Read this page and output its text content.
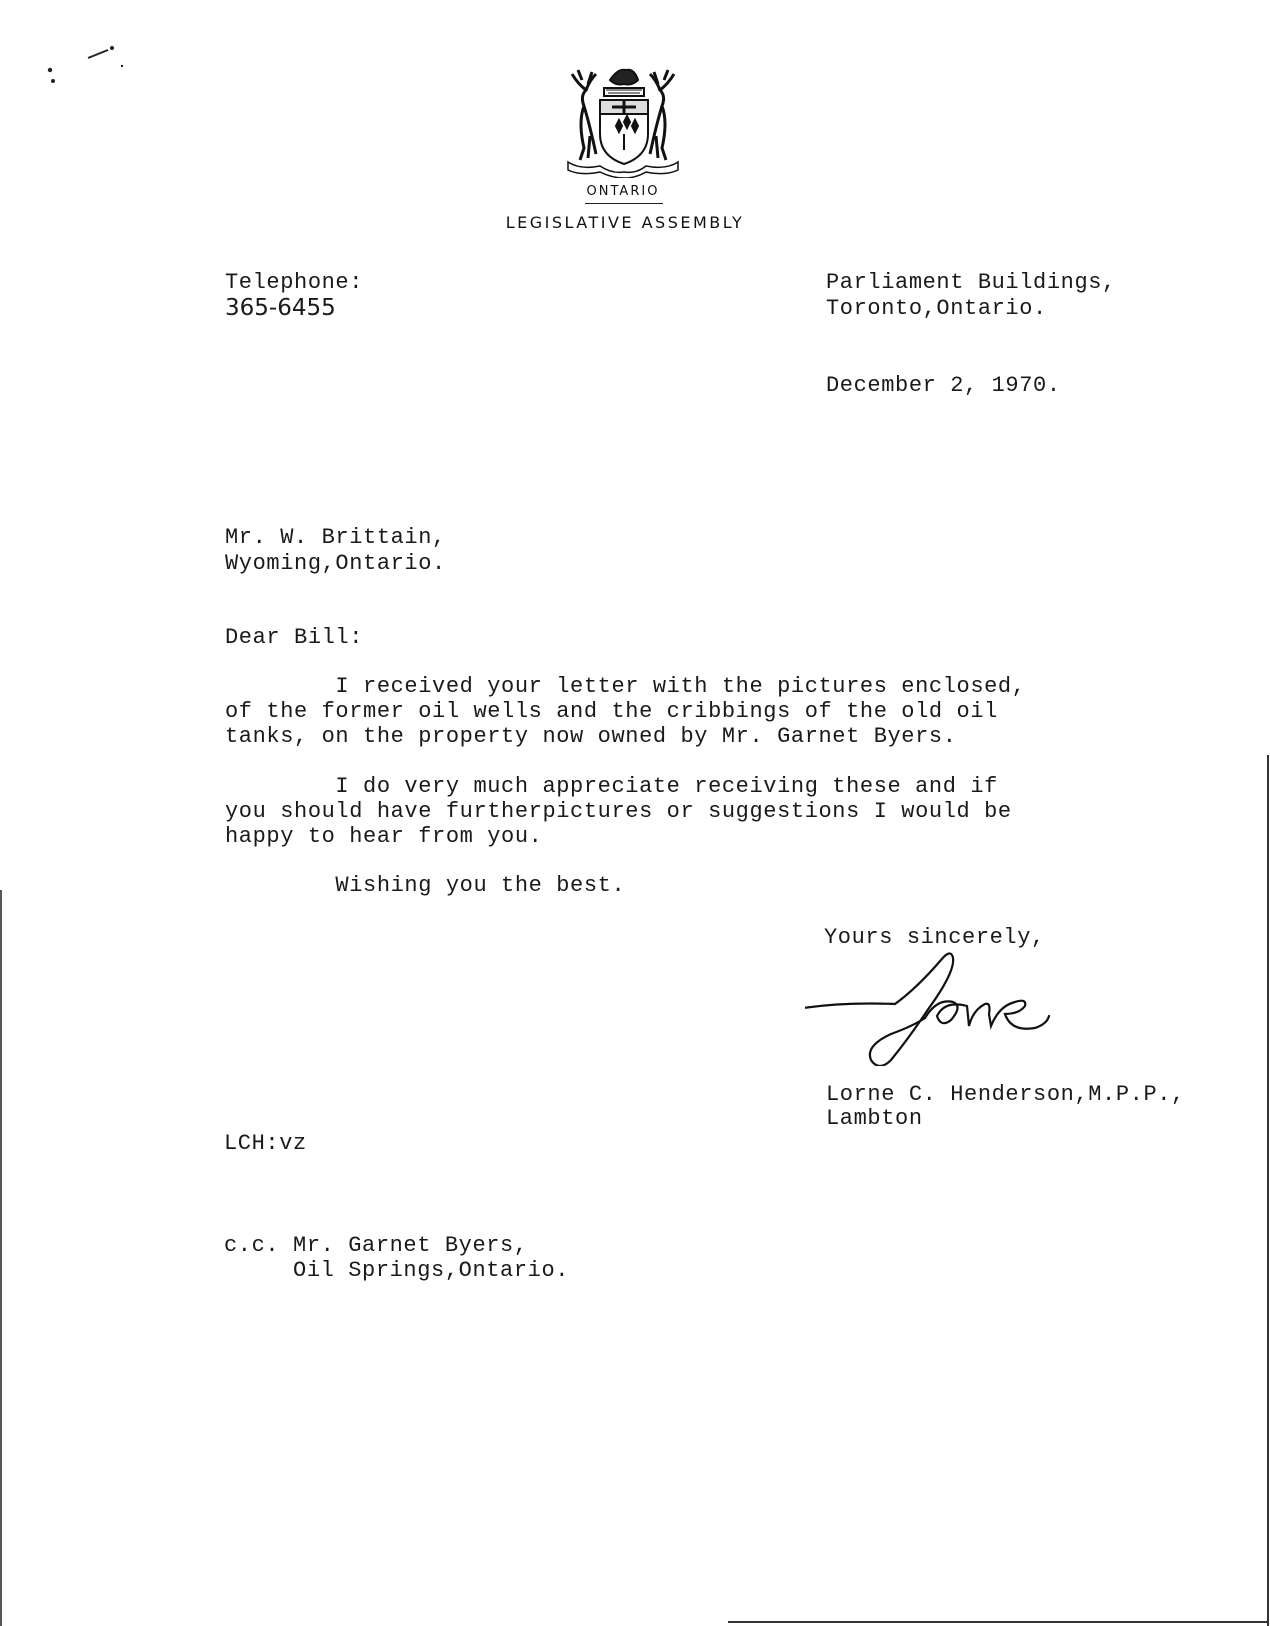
ONTARIO
LEGISLATIVE ASSEMBLY
Telephone:
365-6455
Parliament Buildings,
Toronto,Ontario.
December 2, 1970.
Mr. W. Brittain,
Wyoming,Ontario.
Dear Bill:
I received your letter with the pictures enclosed,
of the former oil wells and the cribbings of the old oil
tanks, on the property now owned by Mr. Garnet Byers.
I do very much appreciate receiving these and if
you should have furtherpictures or suggestions I would be
happy to hear from you.
Wishing you the best.
Yours sincerely,
Lorne C. Henderson,M.P.P.,
Lambton
LCH:vz
c.c. Mr. Garnet Byers,
Oil Springs,Ontario.
